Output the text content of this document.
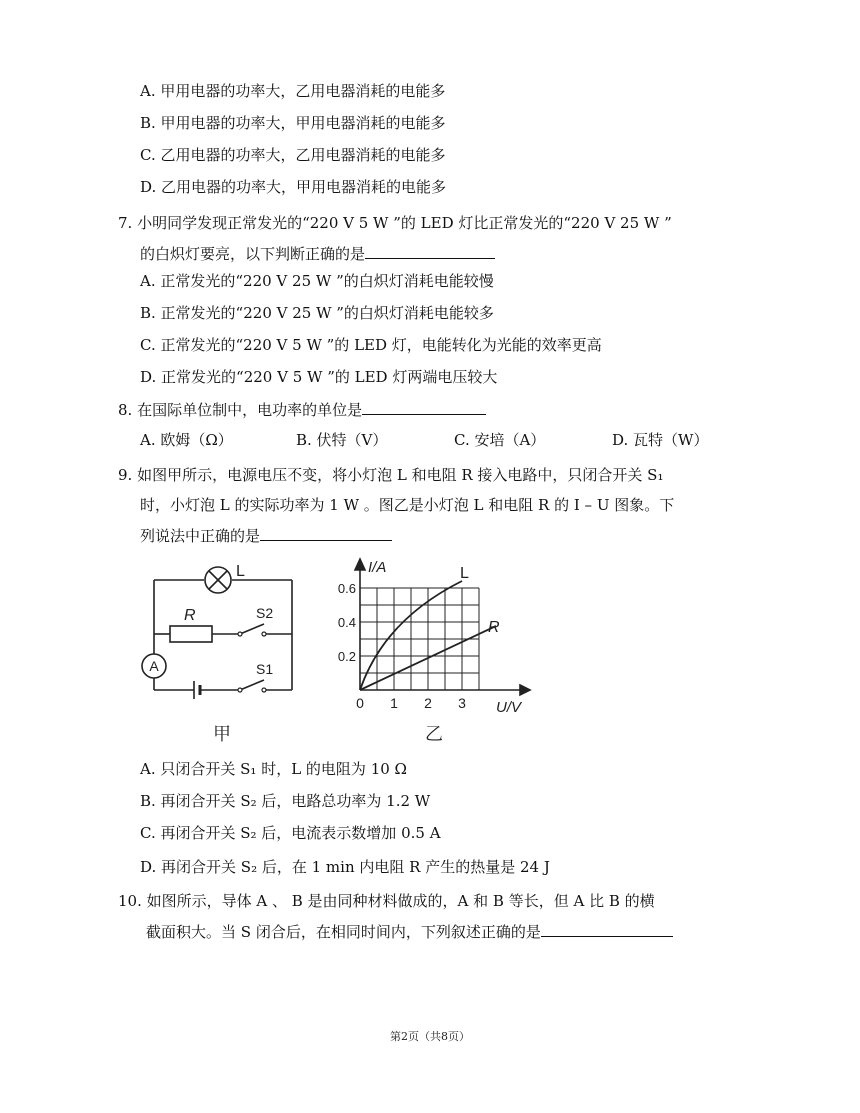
A. 甲用电器的功率大，乙用电器消耗的电能多
B. 甲用电器的功率大，甲用电器消耗的电能多
C. 乙用电器的功率大，乙用电器消耗的电能多
D. 乙用电器的功率大，甲用电器消耗的电能多
7. 小明同学发现正常发光的“220 V 5 W ”的 LED 灯比正常发光的“220 V 25 W ”
的白炽灯要亮，以下判断正确的是
A. 正常发光的“220 V 25 W ”的白炽灯消耗电能较慢
B. 正常发光的“220 V 25 W ”的白炽灯消耗电能较多
C. 正常发光的“220 V 5 W ”的 LED 灯，电能转化为光能的效率更高
D. 正常发光的“220 V 5 W ”的 LED 灯两端电压较大
8. 在国际单位制中，电功率的单位是
A. 欧姆（Ω）	B. 伏特（V）	C. 安培（A）	D. 瓦特（W）
9. 如图甲所示，电源电压不变，将小灯泡 L 和电阻 R 接入电路中，只闭合开关 S₁
时，小灯泡 L 的实际功率为 1 W 。图乙是小灯泡 L 和电阻 R 的 I – U 图象。下
列说法中正确的是
A
L
R	S2
S1
甲
I/A
U/V
L
R
0 1 2 3
0.2
0.4
0.6
乙
A. 只闭合开关 S₁ 时，L 的电阻为 10 Ω
B. 再闭合开关 S₂ 后，电路总功率为 1.2 W
C. 再闭合开关 S₂ 后，电流表示数增加 0.5 A
D. 再闭合开关 S₂ 后，在 1 min 内电阻 R 产生的热量是 24 J
10. 如图所示，导体 A 、 B 是由同种材料做成的，A 和 B 等长，但 A 比 B 的横
截面积大。当 S 闭合后，在相同时间内，下列叙述正确的是
第2页（共8页）
